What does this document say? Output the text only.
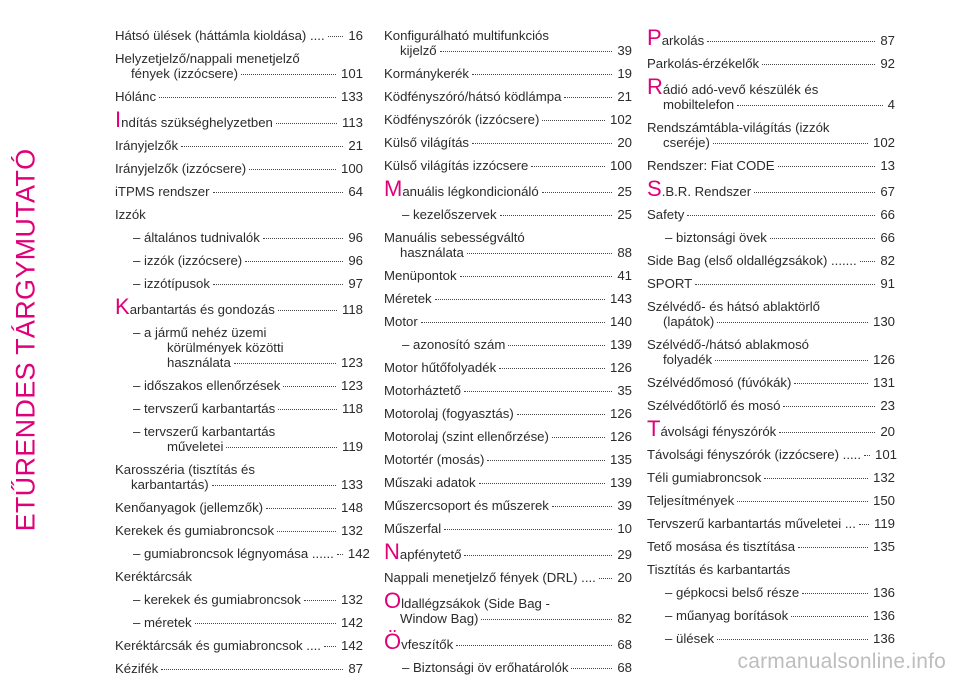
ETŰRENDES TÁRGYMUTATÓ
Hátsó ülések (háttámla kioldása) .... 16
Helyzetjelző/nappali menetjelző
fények (izzócsere)	101
Hólánc	133
I ndítás szükséghelyzetben	113
Irányjelzők	21
Irányjelzők (izzócsere)	100
iTPMS rendszer	64
Izzók
– általános tudnivalók	96
– izzók (izzócsere)	96
– izzótípusok	97
K arbantartás és gondozás	118
– a jármű nehéz üzemi
körülmények közötti
használata	123
– időszakos ellenőrzések	123
– tervszerű karbantartás	118
– tervszerű karbantartás
műveletei	119
Karosszéria (tisztítás és
karbantartás)	133
Kenőanyagok (jellemzők)	148
Kerekek és gumiabroncsok	132
– gumiabroncsok légnyomása ...... 142
Keréktárcsák
– kerekek és gumiabroncsok	132
– méretek	142
Keréktárcsák és gumiabroncsok .... 142
Kézifék	87
Konfigurálható multifunkciós
kijelző	39
Kormánykerék	19
Ködfényszóró/hátsó ködlámpa	21
Ködfényszórók (izzócsere)	102
Külső világítás	20
Külső világítás izzócsere	100
M anuális légkondicionáló	25
– kezelőszervek	25
Manuális sebességváltó
használata	88
Menüpontok	41
Méretek	143
Motor	140
– azonosító szám	139
Motor hűtőfolyadék	126
Motorháztető	35
Motorolaj (fogyasztás)	126
Motorolaj (szint ellenőrzése)	126
Motortér (mosás)	135
Műszaki adatok	139
Műszercsoport és műszerek	39
Műszerfal	10
N apfénytető	29
Nappali menetjelző fények (DRL) .... 20
O ldallégzsákok (Side Bag -
Window Bag)	82
Ö vfeszítők	68
– Biztonsági öv erőhatárolók	68
P arkolás	87
Parkolás-érzékelők	92
R ádió adó-vevő készülék és
mobiltelefon	4
Rendszámtábla-világítás (izzók
cseréje)	102
Rendszer: Fiat CODE	13
S .B.R. Rendszer	67
Safety	66
– biztonsági övek	66
Side Bag (első oldallégzsákok) ....... 82
SPORT	91
Szélvédő- és hátsó ablaktörlő
(lapátok)	130
Szélvédő-/hátsó ablakmosó
folyadék	126
Szélvédőmosó (fúvókák)	131
Szélvédőtörlő és mosó	23
T ávolsági fényszórók	20
Távolsági fényszórók (izzócsere) ..... 101
Téli gumiabroncsok	132
Teljesítmények	150
Tervszerű karbantartás műveletei ... 119
Tető mosása és tisztítása	135
Tisztítás és karbantartás
– gépkocsi belső része	136
– műanyag borítások	136
– ülések	136
carmanualsonline.info
